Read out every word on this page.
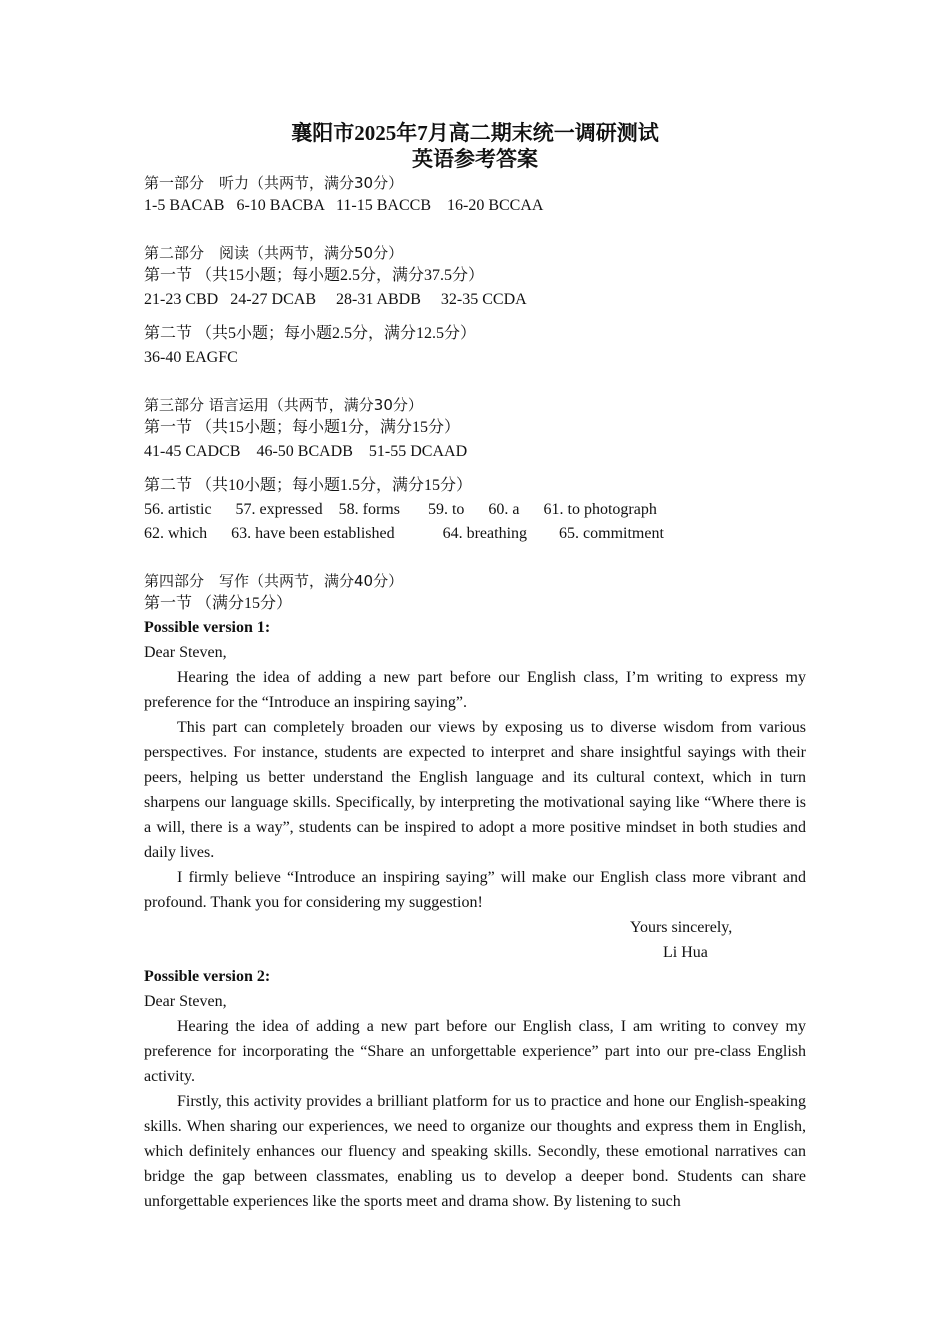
襄阳市2025年7月高二期末统一调研测试

英语参考答案

第一部分　听力（共两节，满分30分）

1-5 BACAB   6-10 BACBA   11-15 BACCB    16-20 BCCAA

第二部分　阅读（共两节，满分50分）

第一节 （共15小题；每小题2.5分，满分37.5分）

21-23 CBD   24-27 DCAB     28-31 ABDB     32-35 CCDA

第二节 （共5小题；每小题2.5分，满分12.5分）

36-40 EAGFC

第三部分 语言运用（共两节，满分30分）

第一节 （共15小题；每小题1分，满分15分）

41-45 CADCB    46-50 BCADB    51-55 DCAAD

第二节 （共10小题；每小题1.5分，满分15分）

56. artistic      57. expressed    58. forms       59. to      60. a      61. to photograph

62. which      63. have been established            64. breathing        65. commitment

第四部分　写作（共两节，满分40分）

第一节 （满分15分）

Possible version 1:

Dear Steven,

Hearing the idea of adding a new part before our English class, I’m writing to express my preference for the “Introduce an inspiring saying”.

This part can completely broaden our views by exposing us to diverse wisdom from various perspectives. For instance, students are expected to interpret and share insightful sayings with their peers, helping us better understand the English language and its cultural context, which in turn sharpens our language skills. Specifically, by interpreting the motivational saying like “Where there is a will, there is a way”, students can be inspired to adopt a more positive mindset in both studies and daily lives.

I firmly believe “Introduce an inspiring saying” will make our English class more vibrant and profound. Thank you for considering my suggestion!

Yours sincerely,

Li Hua

Possible version 2:

Dear Steven,

Hearing the idea of adding a new part before our English class, I am writing to convey my preference for incorporating the “Share an unforgettable experience” part into our pre-class English activity.

Firstly, this activity provides a brilliant platform for us to practice and hone our English-speaking skills. When sharing our experiences, we need to organize our thoughts and express them in English, which definitely enhances our fluency and speaking skills. Secondly, these emotional narratives can bridge the gap between classmates, enabling us to develop a deeper bond. Students can share unforgettable experiences like the sports meet and drama show. By listening to such
